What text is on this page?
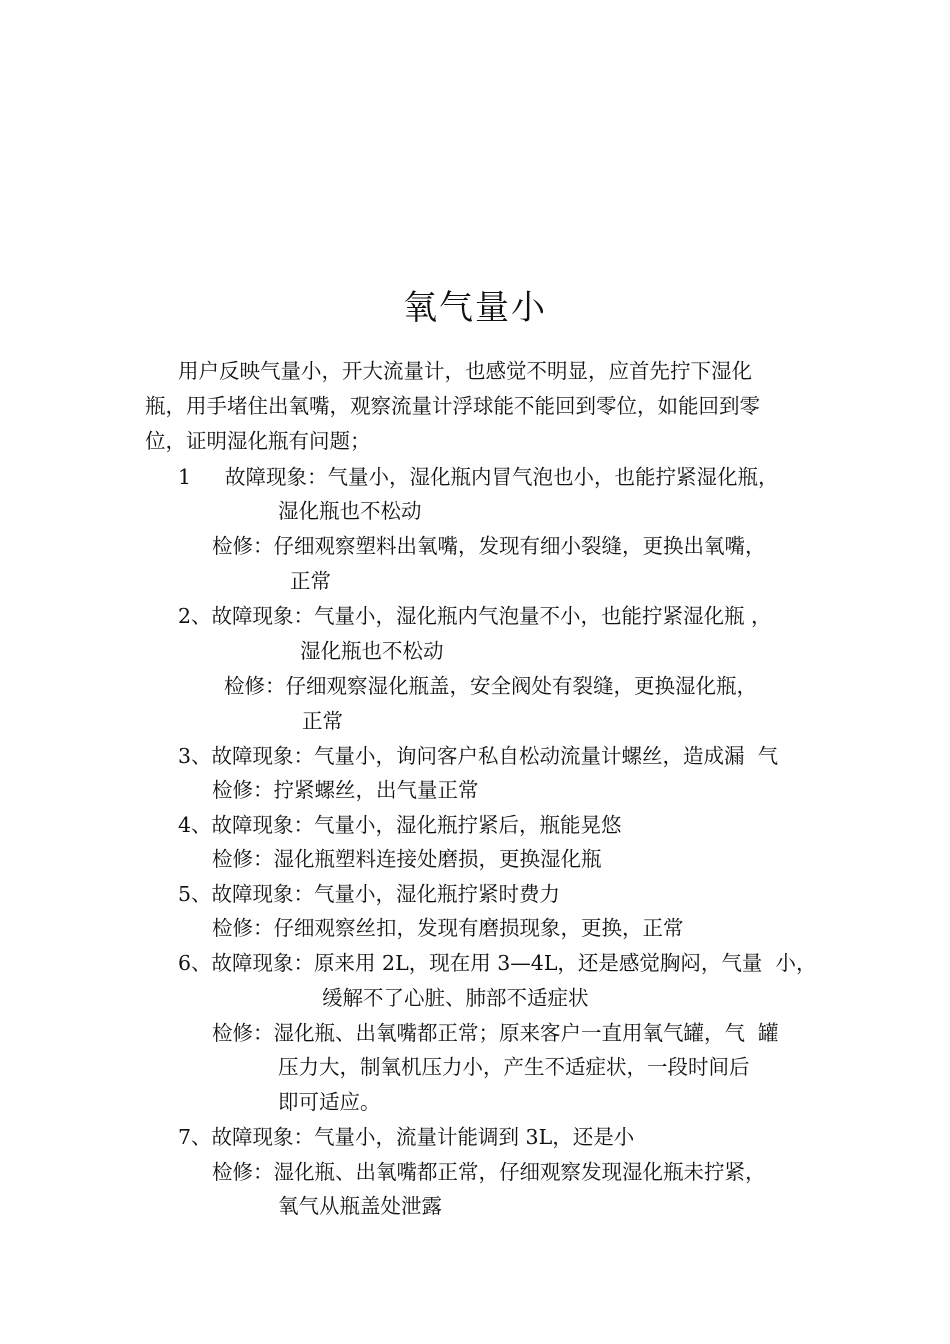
氧气量小
用户反映气量小，开大流量计，也感觉不明显，应首先拧下湿化
瓶，用手堵住出氧嘴，观察流量计浮球能不能回到零位，如能回到零
位，证明湿化瓶有问题；
1 故障现象：气量小，湿化瓶内冒气泡也小，也能拧紧湿化瓶，
湿化瓶也不松动
检修：仔细观察塑料出氧嘴，发现有细小裂缝，更换出氧嘴，
正常
2、故障现象：气量小，湿化瓶内气泡量不小，也能拧紧湿化瓶 ，
湿化瓶也不松动
检修：仔细观察湿化瓶盖，安全阀处有裂缝，更换湿化瓶，
正常
3、故障现象：气量小，询问客户私自松动流量计螺丝，造成漏  气
检修：拧紧螺丝，出气量正常
4、故障现象：气量小，湿化瓶拧紧后，瓶能晃悠
检修：湿化瓶塑料连接处磨损，更换湿化瓶
5、故障现象：气量小，湿化瓶拧紧时费力
检修：仔细观察丝扣，发现有磨损现象，更换，正常
6、故障现象：原来用 2L，现在用 3—4L，还是感觉胸闷，气量  小，
缓解不了心脏、肺部不适症状
检修：湿化瓶、出氧嘴都正常；原来客户一直用氧气罐，气  罐
压力大，制氧机压力小，产生不适症状，一段时间后
即可适应。
7、故障现象：气量小，流量计能调到 3L，还是小
检修：湿化瓶、出氧嘴都正常，仔细观察发现湿化瓶未拧紧，
氧气从瓶盖处泄露
